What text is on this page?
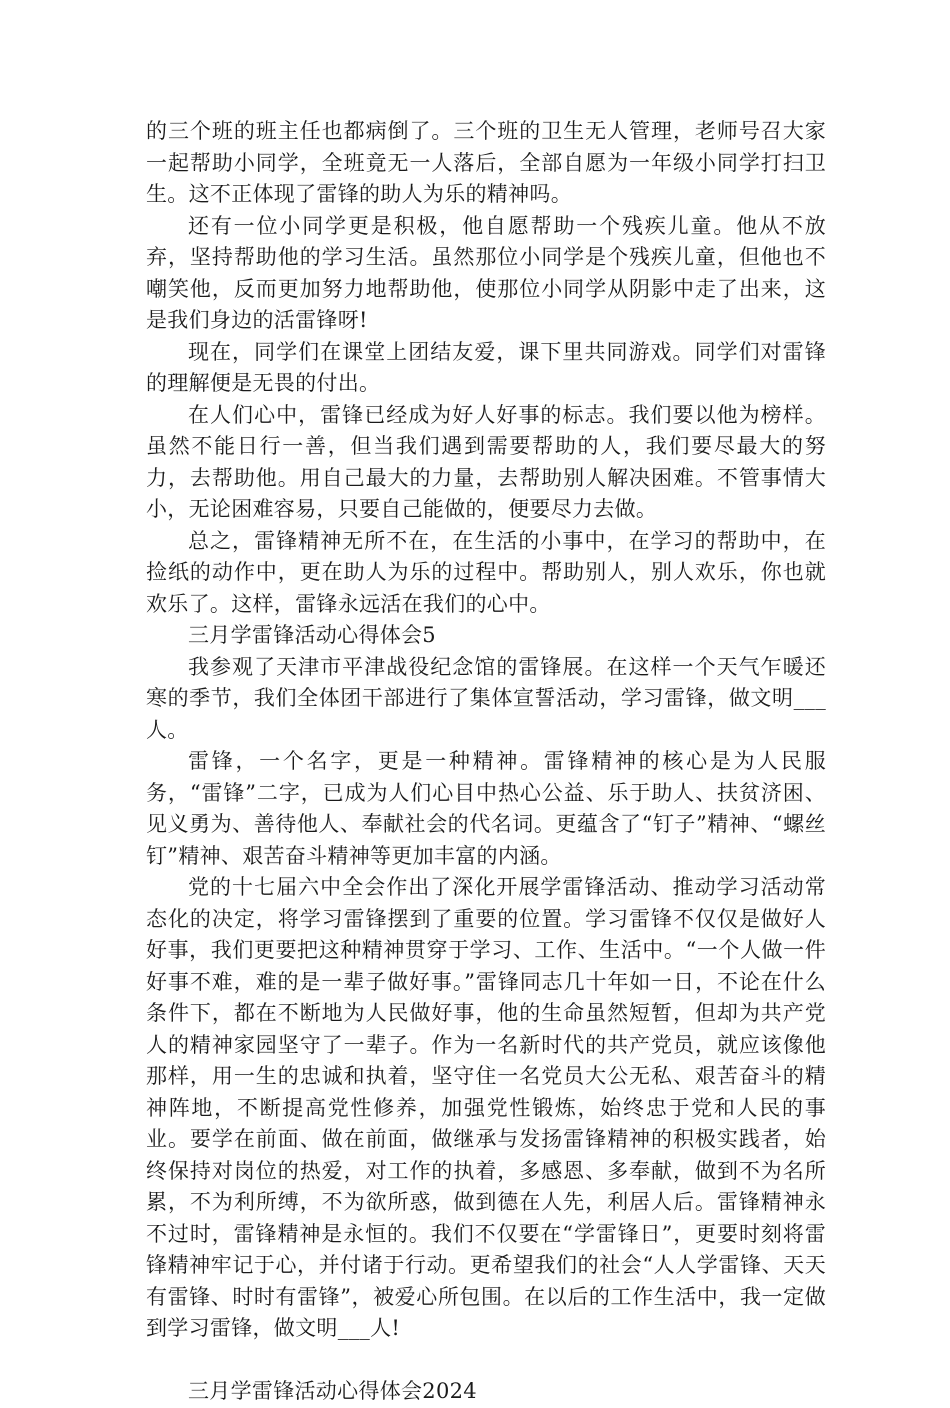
的三个班的班主任也都病倒了。三个班的卫生无人管理，老师号召大家一起帮助小同学，全班竟无一人落后，全部自愿为一年级小同学打扫卫生。这不正体现了雷锋的助人为乐的精神吗。

还有一位小同学更是积极，他自愿帮助一个残疾儿童。他从不放弃，坚持帮助他的学习生活。虽然那位小同学是个残疾儿童，但他也不嘲笑他，反而更加努力地帮助他，使那位小同学从阴影中走了出来，这是我们身边的活雷锋呀!

现在，同学们在课堂上团结友爱，课下里共同游戏。同学们对雷锋的理解便是无畏的付出。

在人们心中，雷锋已经成为好人好事的标志。我们要以他为榜样。虽然不能日行一善，但当我们遇到需要帮助的人，我们要尽最大的努力，去帮助他。用自己最大的力量，去帮助别人解决困难。不管事情大小，无论困难容易，只要自己能做的，便要尽力去做。

总之，雷锋精神无所不在，在生活的小事中，在学习的帮助中，在捡纸的动作中，更在助人为乐的过程中。帮助别人，别人欢乐，你也就欢乐了。这样，雷锋永远活在我们的心中。

三月学雷锋活动心得体会5

我参观了天津市平津战役纪念馆的雷锋展。在这样一个天气乍暖还寒的季节，我们全体团干部进行了集体宣誓活动，学习雷锋，做文明___人。

雷锋，一个名字，更是一种精神。雷锋精神的核心是为人民服务，“雷锋”二字，已成为人们心目中热心公益、乐于助人、扶贫济困、见义勇为、善待他人、奉献社会的代名词。更蕴含了“钉子”精神、“螺丝钉”精神、艰苦奋斗精神等更加丰富的内涵。

党的十七届六中全会作出了深化开展学雷锋活动、推动学习活动常态化的决定，将学习雷锋摆到了重要的位置。学习雷锋不仅仅是做好人好事，我们更要把这种精神贯穿于学习、工作、生活中。“一个人做一件好事不难，难的是一辈子做好事。”雷锋同志几十年如一日，不论在什么条件下，都在不断地为人民做好事，他的生命虽然短暂，但却为共产党人的精神家园坚守了一辈子。作为一名新时代的共产党员，就应该像他那样，用一生的忠诚和执着，坚守住一名党员大公无私、艰苦奋斗的精神阵地，不断提高党性修养，加强党性锻炼，始终忠于党和人民的事业。要学在前面、做在前面，做继承与发扬雷锋精神的积极实践者，始终保持对岗位的热爱，对工作的执着，多感恩、多奉献，做到不为名所累，不为利所缚，不为欲所惑，做到德在人先，利居人后。雷锋精神永不过时，雷锋精神是永恒的。我们不仅要在“学雷锋日”，更要时刻将雷锋精神牢记于心，并付诸于行动。更希望我们的社会“人人学雷锋、天天有雷锋、时时有雷锋”，被爱心所包围。在以后的工作生活中，我一定做到学习雷锋，做文明___人!

三月学雷锋活动心得体会2024
